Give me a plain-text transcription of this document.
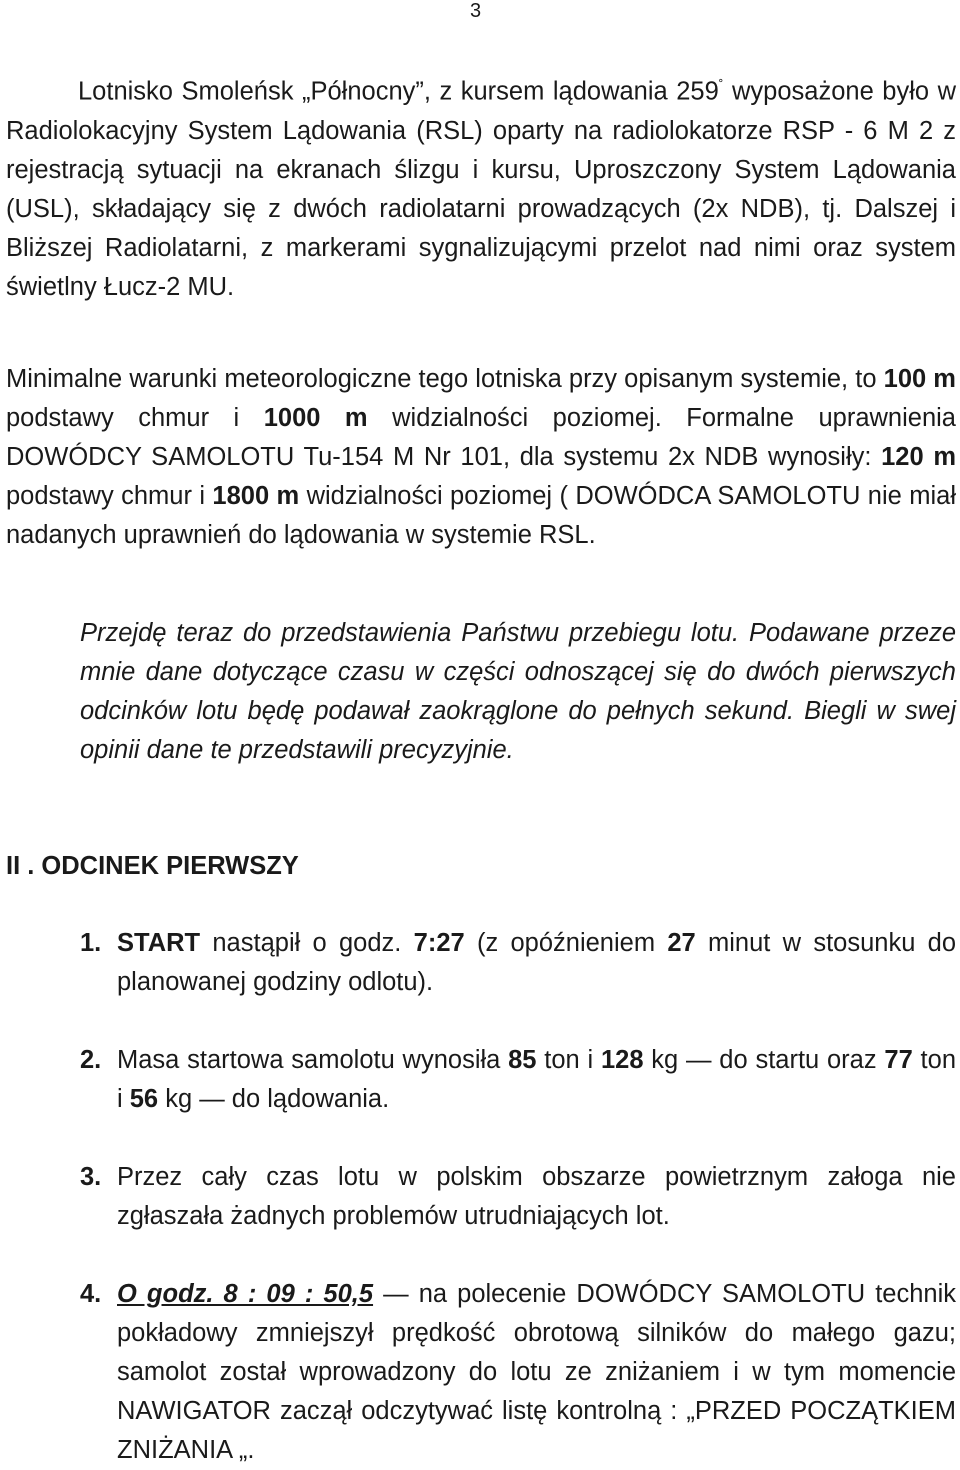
3

Lotnisko Smoleńsk „Północny”, z kursem lądowania 259˚ wyposażone było w Radiolokacyjny System Lądowania (RSL) oparty na radiolokatorze RSP - 6 M 2 z rejestracją sytuacji na ekranach ślizgu i kursu, Uproszczony System Lądowania (USL), składający się z dwóch radiolatarni prowadzących (2x NDB), tj. Dalszej i Bliższej Radiolatarni, z markerami sygnalizującymi przelot nad nimi oraz system świetlny Łucz-2 MU.

Minimalne warunki meteorologiczne tego lotniska przy opisanym systemie, to 100 m podstawy chmur i 1000 m widzialności poziomej. Formalne uprawnienia DOWÓDCY SAMOLOTU Tu-154 M Nr 101, dla systemu 2x NDB wynosiły: 120 m podstawy chmur i 1800 m widzialności poziomej ( DOWÓDCA SAMOLOTU nie miał nadanych uprawnień do lądowania w systemie RSL.

Przejdę teraz do przedstawienia Państwu przebiegu lotu. Podawane przeze mnie dane dotyczące czasu w części odnoszącej się do dwóch pierwszych odcinków lotu będę podawał zaokrąglone do pełnych sekund. Biegli w swej opinii dane te przedstawili precyzyjnie.

II . ODCINEK PIERWSZY

1. START nastąpił o godz. 7:27 (z opóźnieniem 27 minut w stosunku do planowanej godziny odlotu).
2. Masa startowa samolotu wynosiła 85 ton i 128 kg — do startu oraz 77 ton i 56 kg — do lądowania.
3. Przez cały czas lotu w polskim obszarze powietrznym załoga nie zgłaszała żadnych problemów utrudniających lot.
4. O godz. 8 : 09 : 50,5 — na polecenie DOWÓDCY SAMOLOTU technik pokładowy zmniejszył prędkość obrotową silników do małego gazu; samolot został wprowadzony do lotu ze zniżaniem i w tym momencie NAWIGATOR zaczął odczytywać listę kontrolną : „PRZED POCZĄTKIEM ZNIŻANIA „.
